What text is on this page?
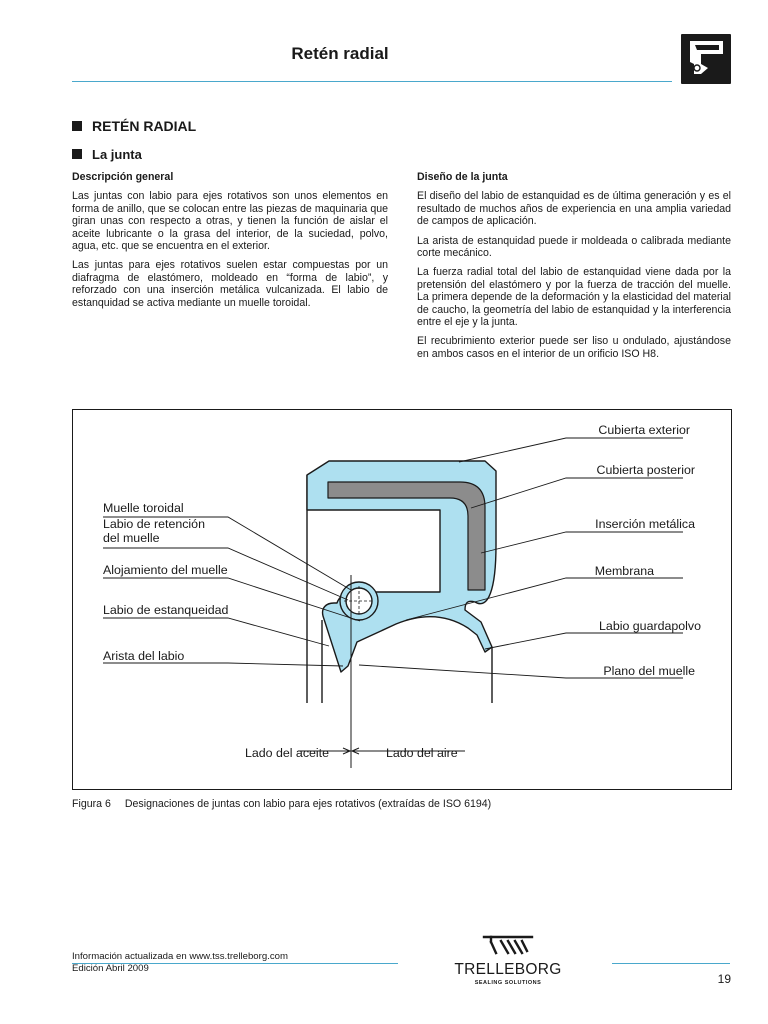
Retén radial
RETÉN RADIAL
La junta
Descripción general

Las juntas con labio para ejes rotativos son unos elementos en forma de anillo, que se colocan entre las piezas de maquinaria que giran unas con respecto a otras, y tienen la función de aislar el aceite lubricante o la grasa del interior, de la suciedad, polvo, agua, etc. que se encuentra en el exterior.

Las juntas para ejes rotativos suelen estar compuestas por un diafragma de elastómero, moldeado en “forma de labio”, y reforzado con una inserción metálica vulcanizada. El labio de estanquidad se activa mediante un muelle toroidal.

Diseño de la junta

El diseño del labio de estanquidad es de última generación y es el resultado de muchos años de experiencia en una amplia variedad de campos de aplicación.

La arista de estanquidad puede ir moldeada o calibrada mediante corte mecánico.

La fuerza radial total del labio de estanquidad viene dada por la pretensión del elastómero y por la fuerza de tracción del muelle. La primera depende de la deformación y la elasticidad del material de caucho, la geometría del labio de estanquidad y la interferencia entre el eje y la junta.

El recubrimiento exterior puede ser liso u ondulado, ajustándose en ambos casos en el interior de un orificio ISO H8.

Muelle toroidal
Labio de retención
del muelle
Alojamiento del muelle
Labio de estanqueidad
Arista del labio
Cubierta exterior
Cubierta posterior
Inserción metálica
Membrana
Labio guardapolvo
Plano del muelle
Lado del aceite	Lado del aire
Figura 6 Designaciones de juntas con labio para ejes rotativos (extraídas de ISO 6194)
Información actualizada en www.tss.trelleborg.com
Edición Abril 2009	TRELLEBORG
SEALING SOLUTIONS	19
